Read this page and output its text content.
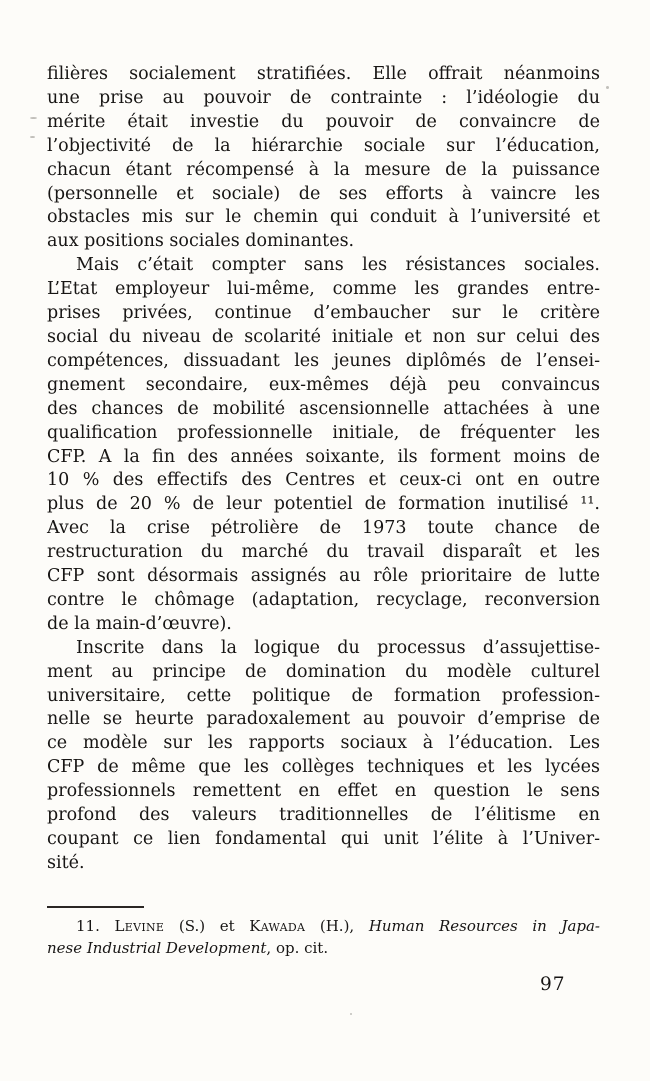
filières socialement stratifiées. Elle offrait néanmoins
une prise au pouvoir de contrainte : l’idéologie du
mérite était investie du pouvoir de convaincre de
l’objectivité de la hiérarchie sociale sur l’éducation,
chacun étant récompensé à la mesure de la puissance
(personnelle et sociale) de ses efforts à vaincre les
obstacles mis sur le chemin qui conduit à l’université et
aux positions sociales dominantes.
Mais c’était compter sans les résistances sociales.
L’Etat employeur lui-même, comme les grandes entre-
prises privées, continue d’embaucher sur le critère
social du niveau de scolarité initiale et non sur celui des
compétences, dissuadant les jeunes diplômés de l’ensei-
gnement secondaire, eux-mêmes déjà peu convaincus
des chances de mobilité ascensionnelle attachées à une
qualification professionnelle initiale, de fréquenter les
CFP. A la fin des années soixante, ils forment moins de
10 % des effectifs des Centres et ceux-ci ont en outre
plus de 20 % de leur potentiel de formation inutilisé ¹¹.
Avec la crise pétrolière de 1973 toute chance de
restructuration du marché du travail disparaît et les
CFP sont désormais assignés au rôle prioritaire de lutte
contre le chômage (adaptation, recyclage, reconversion
de la main-d’œuvre).
Inscrite dans la logique du processus d’assujettise-
ment au principe de domination du modèle culturel
universitaire, cette politique de formation profession-
nelle se heurte paradoxalement au pouvoir d’emprise de
ce modèle sur les rapports sociaux à l’éducation. Les
CFP de même que les collèges techniques et les lycées
professionnels remettent en effet en question le sens
profond des valeurs traditionnelles de l’élitisme en
coupant ce lien fondamental qui unit l’élite à l’Univer-
sité.
11. Levine (S.) et Kawada (H.), Human Resources in Japa-
nese Industrial Development, op. cit.
97
